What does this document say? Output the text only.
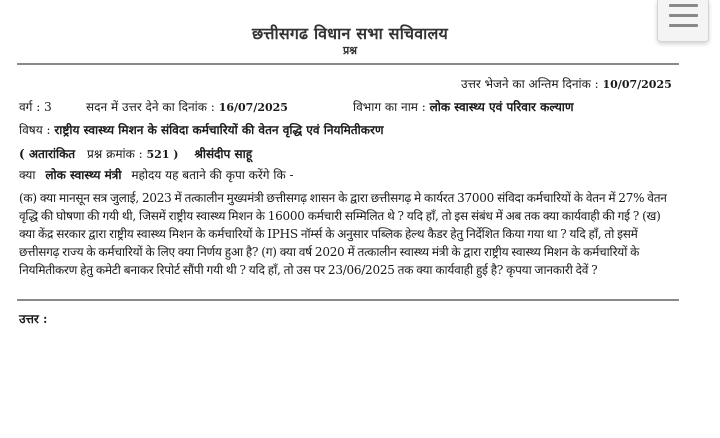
छत्तीसगढ विधान सभा सचिवालय
प्रश्न
उत्तर भेजने का अन्तिम दिनांक : 10/07/2025
वर्ग : 3	सदन में उत्तर देने का दिनांक : 16/07/2025	विभाग का नाम : लोक स्वास्थ्य एवं परिवार कल्याण
विषय : राष्ट्रीय स्वास्थ्य मिशन के संविदा कर्मचारियों की वेतन वृद्धि एवं नियमितीकरण
( अतारांकित प्रश्न क्रमांक : 521 ) श्रीसंदीप साहू
क्या लोक स्वास्थ्य मंत्री महोदय यह बताने की कृपा करेंगे कि -
(क) क्या मानसून सत्र जुलाई, 2023 में तत्कालीन मुख्यमंत्री छत्तीसगढ़ शासन के द्वारा छत्तीसगढ़ मे कार्यरत 37000 संविदा कर्मचारियों के वेतन में 27% वेतन वृद्धि की घोषणा की गयी थी, जिसमें राष्ट्रीय स्वास्थ्य मिशन के 16000 कर्मचारी सम्मिलित थे ? यदि हाँ, तो इस संबंध में अब तक क्या कार्यवाही की गई ? (ख) क्या केंद्र सरकार द्वारा राष्ट्रीय स्वास्थ्य मिशन के कर्मचारियों के IPHS नॉर्म्स के अनुसार पब्लिक हेल्थ कैडर हेतु निर्देशित किया गया था ? यदि हाँ, तो इसमें छत्तीसगढ़ राज्य के कर्मचारियों के लिए क्या निर्णय हुआ है? (ग) क्या वर्ष 2020 में तत्कालीन स्वास्थ्य मंत्री के द्वारा राष्ट्रीय स्वास्थ्य मिशन के कर्मचारियों के नियमितीकरण हेतु कमेटी बनाकर रिपोर्ट सौंपी गयी थी ? यदि हाँ, तो उस पर 23/06/2025 तक क्या कार्यवाही हुई है? कृपया जानकारी देवें ?
उत्तर :
